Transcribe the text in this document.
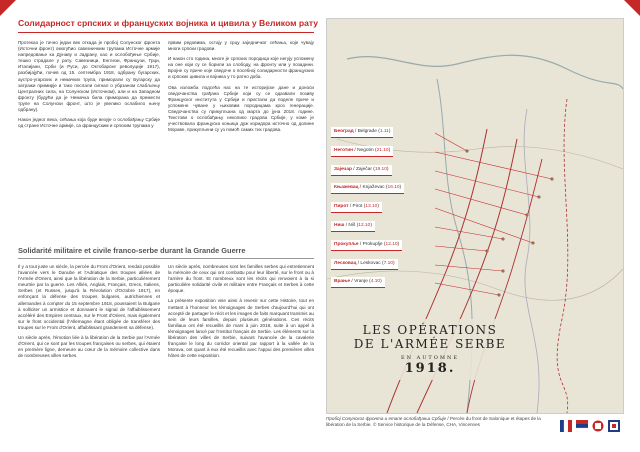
Солидарност српских и француских војника и цивила у Великом рату

Протекао је тачно један век откада је пробој Солунског фронта (Источни фронт) омогућио савезничким трупама Источне армије напредовање ка Дунаву и Јадрану, као и ослобођење Србије, тешко страдале у рату. Савезници, Енглези, Французи, Грци, Италијани, Срби (и Руси, до Октобарске револуције 1917), разбијајући, почев од 15. септембра 1918, одбрану бугарских, аустро-угарских и немачких трупа, приморали су Бугарску да затражи примирје и тако послали сигнал о убрзаном слабљењу Централних сила, на Солунском (Источном), али и на Западном фронту (будући да је Немачка била приморана да премести трупе на Солунски фронт, што је увелико ослабило њену одбрану).

Након једног века, сећања која буде везује о ослобађању Србије од стране Источне армије, са француским и српским трупама у

првим редовима, остају у срцу заједничког сећања, које чувају многи српски градови.

И након сто година, многе је српских породица које негују успомену на оне који су се борили за слободу, на фронту или у позадини. Бројне су приче које сведоче о посебној солидарности француских и српских цивила и војника у то ратно доба.

Ова изложба подсећа нас на те историјске дане и доноси сведочанства грађана Србије који су се одазвали позиву Француског института у Србији и пристали да поделе приче и успомене чуване у њиховим породицама кроз генерације. Сведочанства су прикупљана од марта до јуна 2018. године. Текстови о ослобађању неколико градова Србије, у коме је учествовала француска коњица дуж коридора источно од долине Мораве, прикупљени су уз помоћ самих тих градова.

Solidarité militaire et civile franco-serbe durant la Grande Guerre

Il y a tout juste un siècle, la percée du Front d'Orient, rendait possible l'avancée vers le Danube et l'Adriatique des troupes alliées de l'Armée d'Orient, ainsi que la libération de la Serbie, particulièrement meurtrie par la guerre. Les Alliés, Anglais, Français, Grecs, Italiens, Serbes (et Russes, jusqu'à la Révolution d'Octobre 1917), en enfonçant la défense des troupes bulgares, autrichiennes et allemandes à compter du 15 septembre 1918, poussaient la Bulgarie à solliciter un armistice et donnaient le signal de l'affaiblissement accéléré des Empires centraux, sur le Front d'Orient, mais également sur le front occidental (l'Allemagne étant obligée de transférer des troupes sur le Front d'Orient, affaiblissant grandement sa défense).

Un siècle après, l'émotion liée à la libération de la Serbie par l'Armée d'Orient, qui ce sont par les troupes françaises ou serbes, qui étaient en première ligne, demeure au cœur de la mémoire collective dans de nombreuses villes serbes.

Un siècle après, nombreuses sont les familles serbes qui entretiennent la mémoire de ceux qui ont combattu pour leur liberté, sur le front ou à l'arrière du front. Et nombreux sont les récits qui renvoient à la si particulière solidarité civile et militaire entre Français et Serbes à cette époque.

La présente exposition vise ainsi à revenir sur cette Histoire, tout en mettant à l'honneur les témoignages de Serbes d'aujourd'hui qui ont accepté de partager le récit et les images de faits marquant transmis au sein de leurs familles, depuis plusieurs générations. Ces récits familiaux ont été recueillis de mars à juin 2018, suite à un appel à témoignages lancé par l'Institut français de Serbie. Les éléments sur la libération des villes de Serbie, suivant l'avancée de la cavalerie française le long du corridor oriental par rapport à la vallée de la Morava, ont quant à eux été recueillis avec l'appui des premières villes hôtes de cette exposition.

Београд / Belgrade (1.11)
Неготин / Negotin (21.10)
Зајечар / Zaječar (19.10)
Књажевац / Knjaževac (16.10)
Пирот / Pirot (13.10)
Ниш / Niš (12.10)
Прокупље / Prokuplje (12.10)
Лесковац / Leskovac (7.10)
Врање / Vranje (4.10)
LES OPÉRATIONS
DE L'ARMÉE SERBE
EN AUTOMNE
1918.
Пробој Солунског фронта и етапе ослобађања Србије / Percée du front de Salonique et étapes de la libération de la Serbie. © Service historique de la Défense, CHA, Vincennes
